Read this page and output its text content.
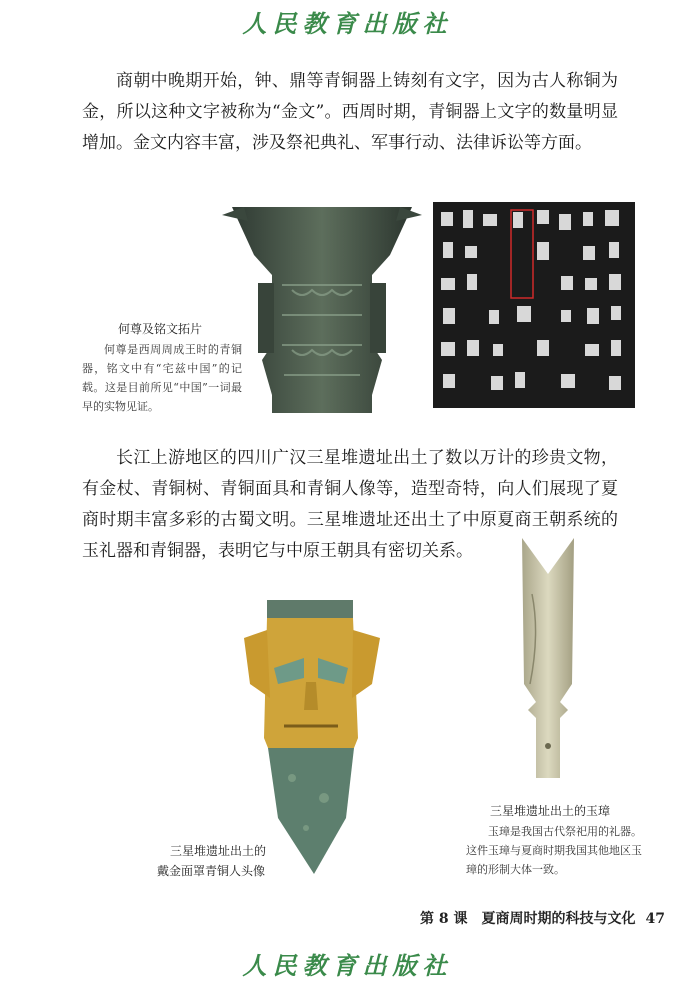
人民教育出版社

商朝中晚期开始，钟、鼎等青铜器上铸刻有文字，因为古人称铜为金，所以这种文字被称为“金文”。西周时期，青铜器上文字的数量明显增加。金文内容丰富，涉及祭祀典礼、军事行动、法律诉讼等方面。

何尊及铭文拓片

何尊是西周周成王时的青铜器，铭文中有“宅兹中国”的记载。这是目前所见“中国”一词最早的实物见证。

长江上游地区的四川广汉三星堆遗址出土了数以万计的珍贵文物，有金杖、青铜树、青铜面具和青铜人像等，造型奇特，向人们展现了夏商时期丰富多彩的古蜀文明。三星堆遗址还出土了中原夏商王朝系统的玉礼器和青铜器，表明它与中原王朝具有密切关系。

三星堆遗址出土的
戴金面罩青铜人头像
三星堆遗址出土的玉璋

玉璋是我国古代祭祀用的礼器。这件玉璋与夏商时期我国其他地区玉璋的形制大体一致。

第 8 课　夏商周时期的科技与文化 47
人民教育出版社
